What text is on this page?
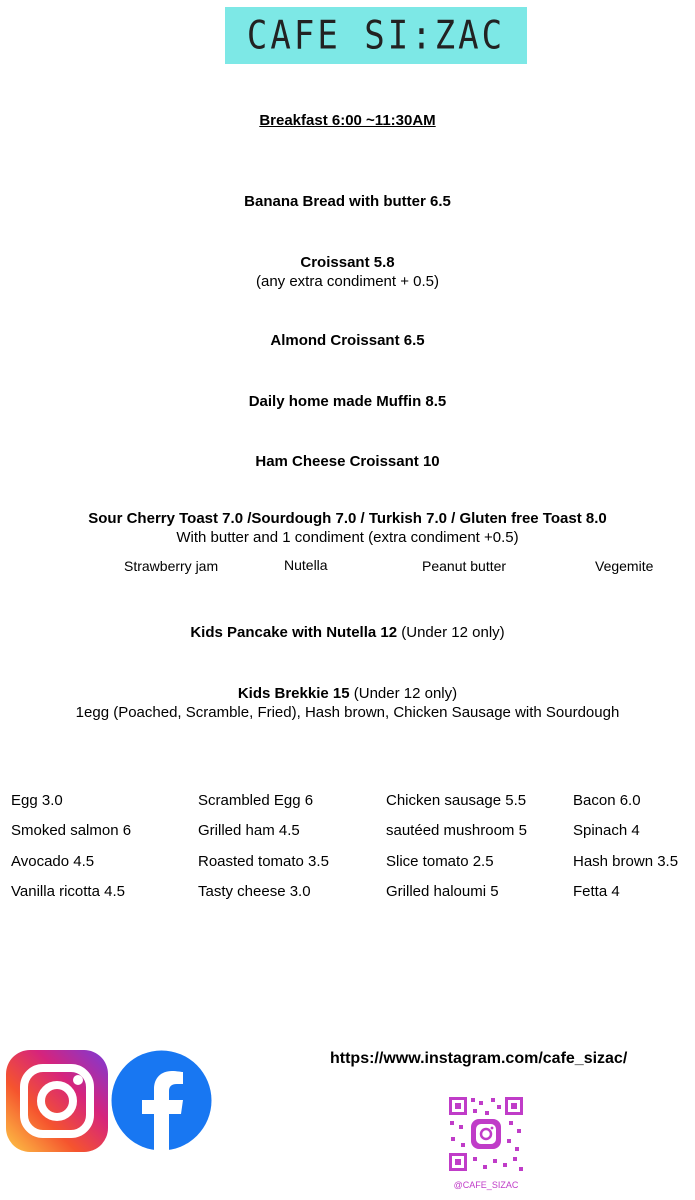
CAFE SI:ZAC
Breakfast 6:00 ~11:30AM
Banana Bread with butter 6.5
Croissant 5.8
(any extra condiment + 0.5)
Almond Croissant 6.5
Daily home made Muffin 8.5
Ham Cheese Croissant 10
Sour Cherry Toast 7.0 /Sourdough 7.0 / Turkish 7.0 / Gluten free Toast 8.0
With butter and 1 condiment (extra condiment +0.5)
Strawberry jam	Nutella	Peanut butter	Vegemite
Kids Pancake with Nutella 12 (Under 12 only)
Kids Brekkie 15 (Under 12 only)
1egg (Poached, Scramble, Fried), Hash brown, Chicken Sausage with Sourdough
Egg 3.0	Scrambled Egg 6	Chicken sausage 5.5	Bacon 6.0
Smoked salmon 6	Grilled ham 4.5	sautéed mushroom 5	Spinach 4
Avocado 4.5	Roasted tomato 3.5	Slice tomato 2.5	Hash brown 3.5
Vanilla ricotta 4.5	Tasty cheese 3.0	Grilled haloumi 5	Fetta 4
https://www.instagram.com/cafe_sizac/
@CAFE_SIZAC
